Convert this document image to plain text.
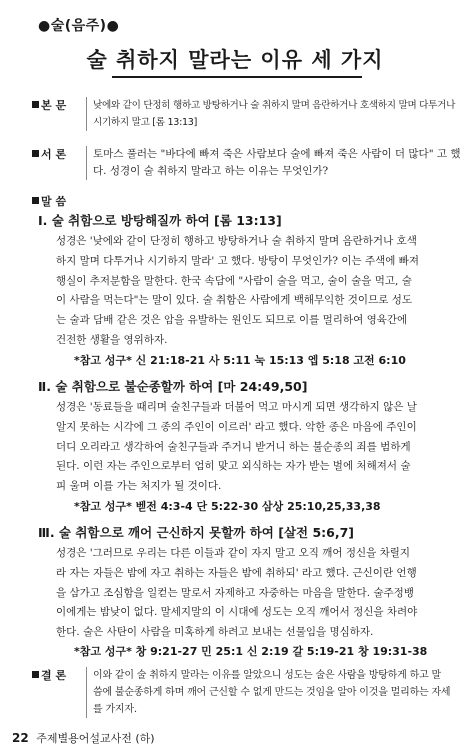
●술(음주)●
술 취하지 말라는 이유 세 가지
본 문	낮에와 같이 단정히 행하고 방탕하거나 술 취하지 말며 음란하거나 호색하지 말며 다투거나
시기하지 말고 [롬 13:13]
서 론	토마스 풀러는 "바다에 빠져 죽은 사람보다 술에 빠져 죽은 사람이 더 많다" 고 했
다. 성경이 술 취하지 말라고 하는 이유는 무엇인가?
말 씀
Ⅰ. 술 취함으로 방탕해질까 하여 [롬 13:13]
성경은 '낮에와 같이 단정히 행하고 방탕하거나 술 취하지 말며 음란하거나 호색
하지 말며 다투거나 시기하지 말라' 고 했다. 방탕이 무엇인가? 이는 주색에 빠져
행실이 추저분함을 말한다. 한국 속담에 "사람이 술을 먹고, 술이 술을 먹고, 술
이 사람을 먹는다"는 말이 있다. 술 취함은 사람에게 백해무익한 것이므로 성도
는 술과 담배 같은 것은 암을 유발하는 원인도 되므로 이를 멀리하여 영육간에
건전한 생활을 영위하자.
*참고 성구* 신 21:18-21 사 5:11 눅 15:13 엡 5:18 고전 6:10
Ⅱ. 술 취함으로 불순종할까 하여 [마 24:49,50]
성경은 '동료들을 때리며 술친구들과 더불어 먹고 마시게 되면 생각하지 않은 날
알지 못하는 시각에 그 종의 주인이 이르러' 라고 했다. 악한 종은 마음에 주인이
더디 오리라고 생각하여 술친구들과 주거니 받거니 하는 불순종의 죄를 범하게
된다. 이런 자는 주인으로부터 엄히 맞고 외식하는 자가 받는 벌에 처해져서 술
피 울며 이를 가는 처지가 될 것이다.
*참고 성구* 벧전 4:3-4 단 5:22-30 삼상 25:10,25,33,38
Ⅲ. 술 취함으로 깨어 근신하지 못할까 하여 [살전 5:6,7]
성경은 '그러므로 우리는 다른 이들과 같이 자지 말고 오직 깨어 정신을 차릴지
라 자는 자들은 밤에 자고 취하는 자들은 밤에 취하되' 라고 했다. 근신이란 언행
을 삼가고 조심함을 일컫는 말로서 자제하고 자중하는 마음을 말한다. 술주정뱅
이에게는 밤낮이 없다. 말세지말의 이 시대에 성도는 오직 깨어서 정신을 차려야
한다. 술은 사탄이 사람을 미혹하게 하려고 보내는 선물임을 명심하자.
*참고 성구* 창 9:21-27 민 25:1 신 2:19 갈 5:19-21 창 19:31-38
결 론	이와 같이 술 취하지 말라는 이유를 알았으니 성도는 술은 사람을 방탕하게 하고 말
씀에 불순종하게 하며 깨어 근신할 수 없게 만드는 것임을 알아 이것을 멀리하는 자세
를 가지자.
22 주제별용어설교사전 (하)
